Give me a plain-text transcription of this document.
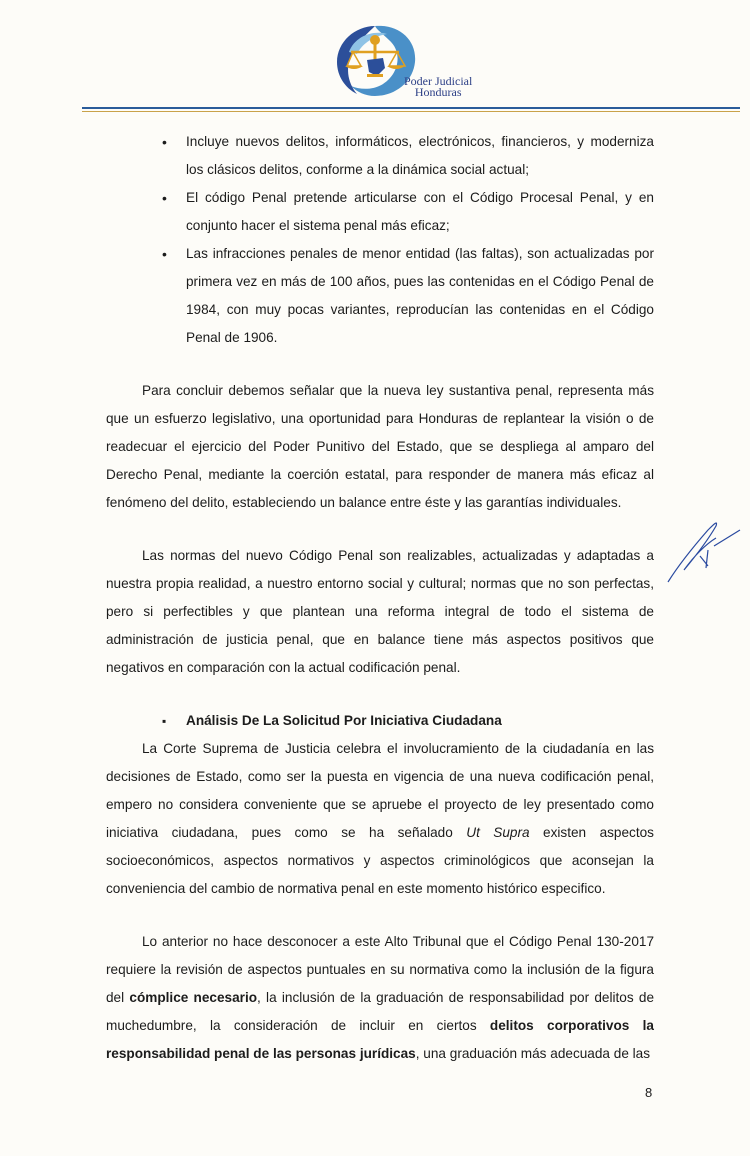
Poder Judicial
Honduras
• Incluye nuevos delitos, informáticos, electrónicos, financieros, y moderniza los clásicos delitos, conforme a la dinámica social actual;
• El código Penal pretende articularse con el Código Procesal Penal, y en conjunto hacer el sistema penal más eficaz;
• Las infracciones penales de menor entidad (las faltas), son actualizadas por primera vez en más de 100 años, pues las contenidas en el Código Penal de 1984, con muy pocas variantes, reproducían las contenidas en el Código Penal de 1906.

Para concluir debemos señalar que la nueva ley sustantiva penal, representa más que un esfuerzo legislativo, una oportunidad para Honduras de replantear la visión o de readecuar el ejercicio del Poder Punitivo del Estado, que se despliega al amparo del Derecho Penal, mediante la coerción estatal, para responder de manera más eficaz al fenómeno del delito, estableciendo un balance entre éste y las garantías individuales.

Las normas del nuevo Código Penal son realizables, actualizadas y adaptadas a nuestra propia realidad, a nuestro entorno social y cultural; normas que no son perfectas, pero si perfectibles y que plantean una reforma integral de todo el sistema de administración de justicia penal, que en balance tiene más aspectos positivos que negativos en comparación con la actual codificación penal.

▪ Análisis De La Solicitud Por Iniciativa Ciudadana

La Corte Suprema de Justicia celebra el involucramiento de la ciudadanía en las decisiones de Estado, como ser la puesta en vigencia de una nueva codificación penal, empero no considera conveniente que se apruebe el proyecto de ley presentado como iniciativa ciudadana, pues como se ha señalado Ut Supra existen aspectos socioeconómicos, aspectos normativos y aspectos criminológicos que aconsejan la conveniencia del cambio de normativa penal en este momento histórico especifico.

Lo anterior no hace desconocer a este Alto Tribunal que el Código Penal 130-2017 requiere la revisión de aspectos puntuales en su normativa como la inclusión de la figura del cómplice necesario, la inclusión de la graduación de responsabilidad por delitos de muchedumbre, la consideración de incluir en ciertos delitos corporativos la responsabilidad penal de las personas jurídicas, una graduación más adecuada de las

8
